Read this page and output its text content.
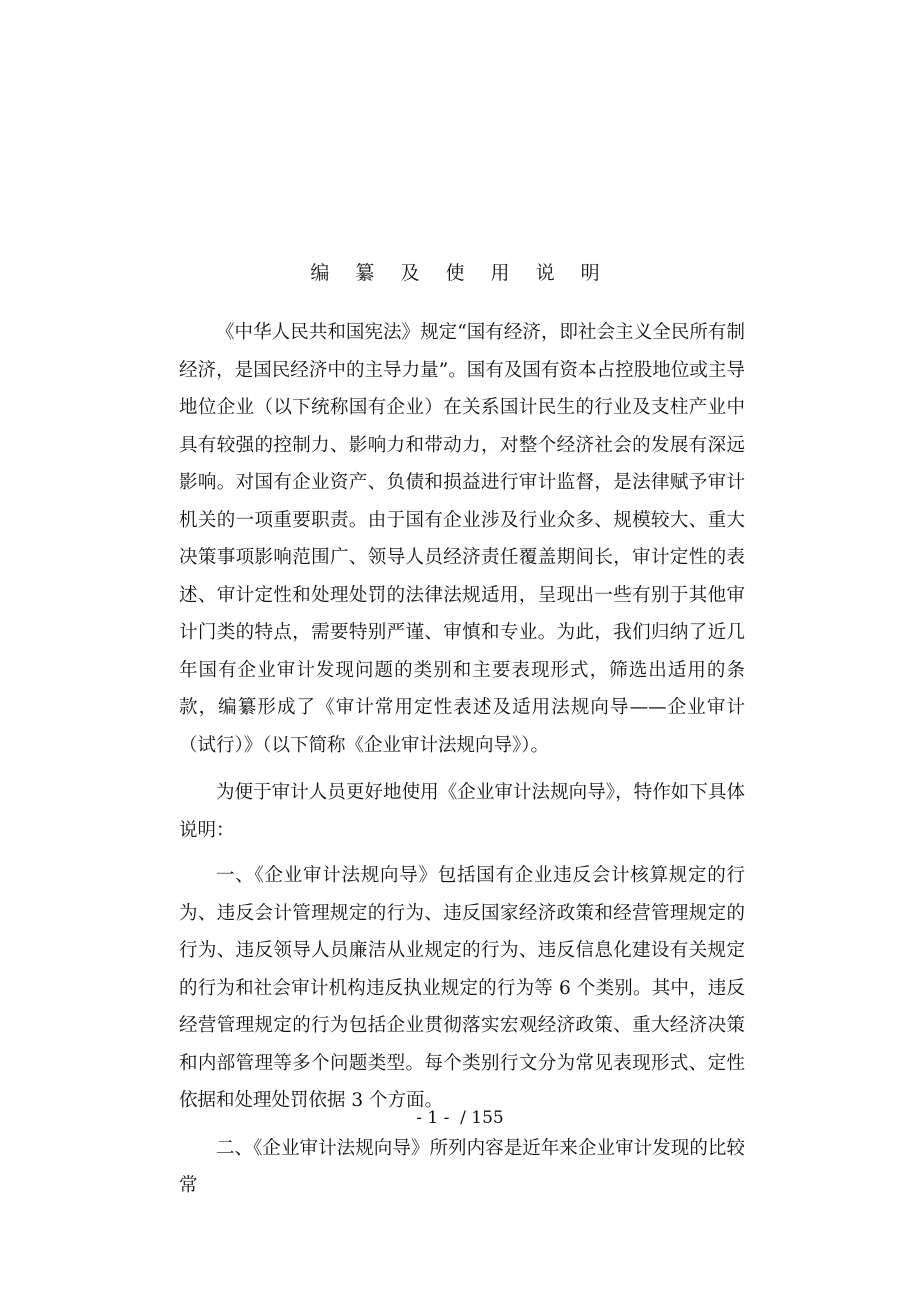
编 纂 及 使 用 说 明

《中华人民共和国宪法》规定“国有经济，即社会主义全民所有制经济，是国民经济中的主导力量”。国有及国有资本占控股地位或主导地位企业（以下统称国有企业）在关系国计民生的行业及支柱产业中具有较强的控制力、影响力和带动力，对整个经济社会的发展有深远影响。对国有企业资产、负债和损益进行审计监督，是法律赋予审计机关的一项重要职责。由于国有企业涉及行业众多、规模较大、重大决策事项影响范围广、领导人员经济责任覆盖期间长，审计定性的表述、审计定性和处理处罚的法律法规适用，呈现出一些有别于其他审计门类的特点，需要特别严谨、审慎和专业。为此，我们归纳了近几年国有企业审计发现问题的类别和主要表现形式，筛选出适用的条款，编纂形成了《审计常用定性表述及适用法规向导——企业审计（试行）》（以下简称《企业审计法规向导》）。

为便于审计人员更好地使用《企业审计法规向导》，特作如下具体说明：

一、《企业审计法规向导》包括国有企业违反会计核算规定的行为、违反会计管理规定的行为、违反国家经济政策和经营管理规定的行为、违反领导人员廉洁从业规定的行为、违反信息化建设有关规定的行为和社会审计机构违反执业规定的行为等 6 个类别。其中，违反经营管理规定的行为包括企业贯彻落实宏观经济政策、重大经济决策和内部管理等多个问题类型。每个类别行文分为常见表现形式、定性依据和处理处罚依据 3 个方面。

二、《企业审计法规向导》所列内容是近年来企业审计发现的比较常

- 1 -  / 155
